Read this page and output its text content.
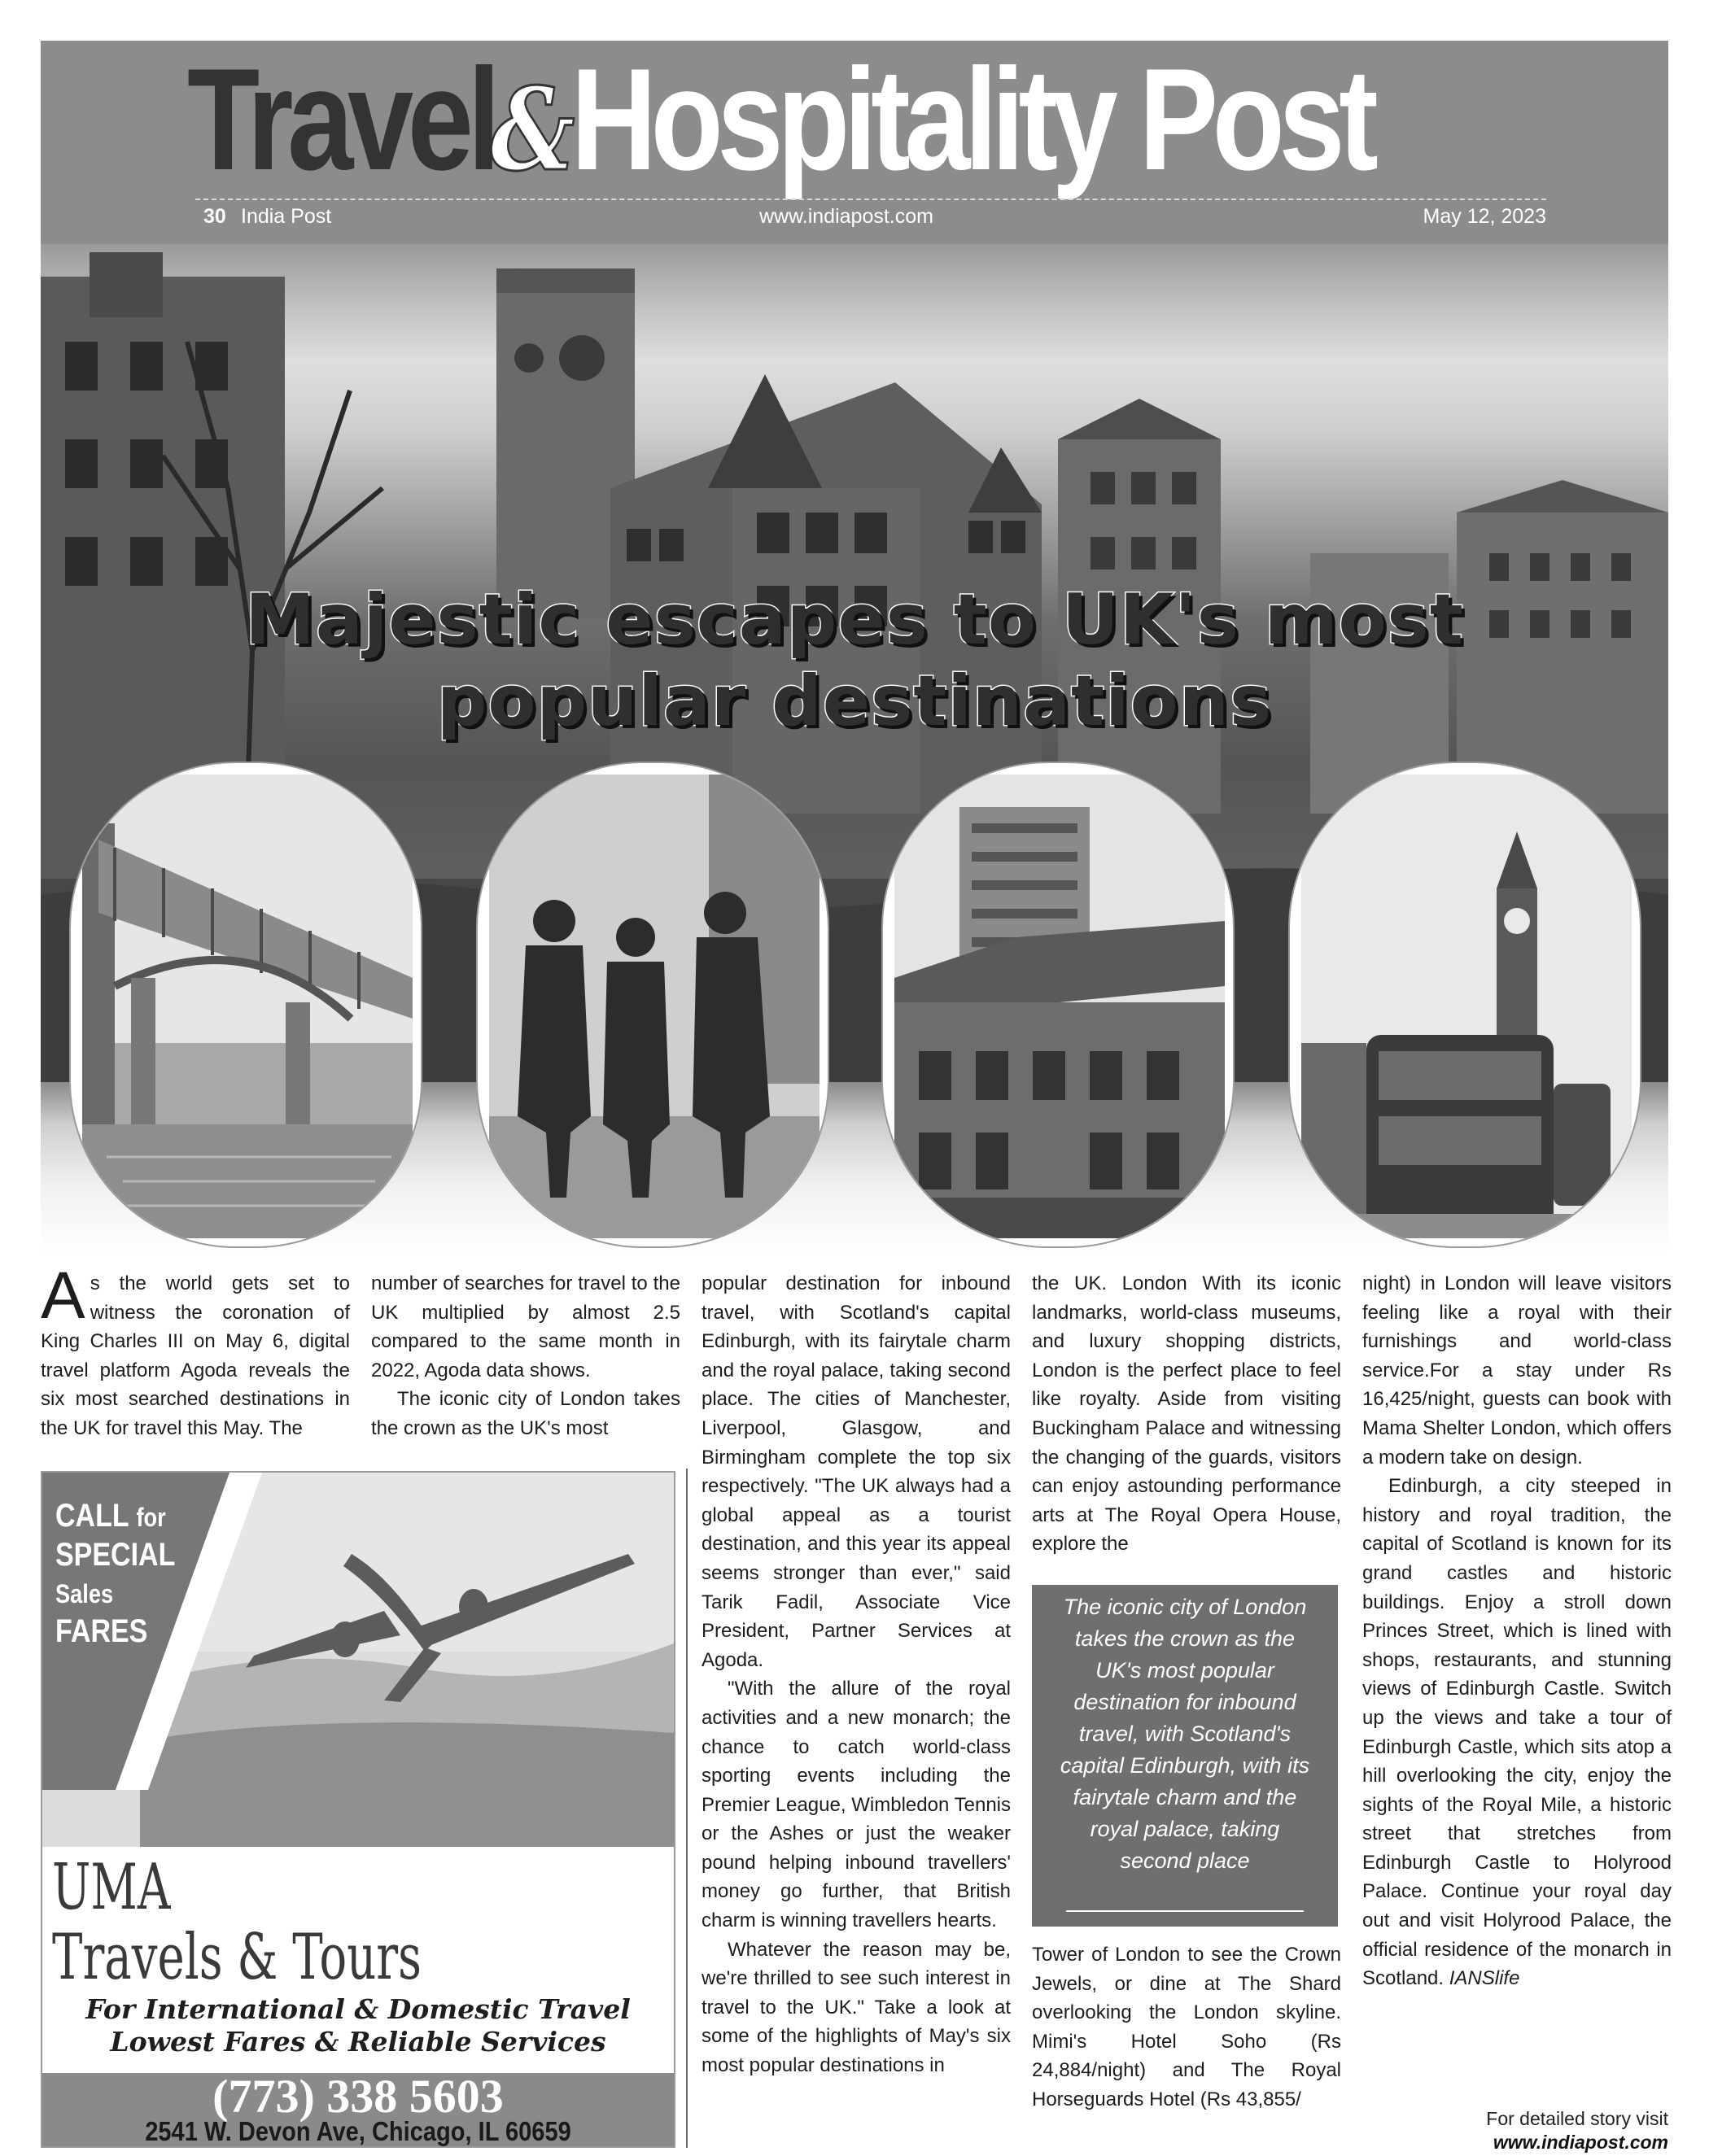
Travel&Hospitality Post
30 India Post	www.indiapost.com	May 12, 2023
Majestic escapes to UK's most
popular destinations

As the world gets set to witness the coronation of King Charles III on May 6, digital travel platform Agoda reveals the six most searched destinations in the UK for travel this May. The

number of searches for travel to the UK multiplied by almost 2.5 compared to the same month in 2022, Agoda data shows.

The iconic city of London takes the crown as the UK's most

popular destination for inbound travel, with Scotland's capital Edinburgh, with its fairytale charm and the royal palace, taking second place. The cities of Manchester, Liverpool, Glasgow, and Birmingham complete the top six respectively. "The UK always had a global appeal as a tourist destination, and this year its appeal seems stronger than ever," said Tarik Fadil, Associate Vice President, Partner Services at Agoda.

"With the allure of the royal activities and a new monarch; the chance to catch world-class sporting events including the Premier League, Wimbledon Tennis or the Ashes or just the weaker pound helping inbound travellers' money go further, that British charm is winning travellers hearts.

Whatever the reason may be, we're thrilled to see such interest in travel to the UK." Take a look at some of the highlights of May's six most popular destinations in

the UK. London With its iconic landmarks, world-class museums, and luxury shopping districts, London is the perfect place to feel like royalty. Aside from visiting Buckingham Palace and witnessing the changing of the guards, visitors can enjoy astounding performance arts at The Royal Opera House, explore the

The iconic city of London takes the crown as the UK's most popular destination for inbound travel, with Scotland's capital Edinburgh, with its fairytale charm and the royal palace, taking second place

Tower of London to see the Crown Jewels, or dine at The Shard overlooking the London skyline. Mimi's Hotel Soho (Rs 24,884/night) and The Royal Horseguards Hotel (Rs 43,855/

night) in London will leave visitors feeling like a royal with their furnishings and world-class service.For a stay under Rs 16,425/night, guests can book with Mama Shelter London, which offers a modern take on design.

Edinburgh, a city steeped in history and royal tradition, the capital of Scotland is known for its grand castles and historic buildings. Enjoy a stroll down Princes Street, which is lined with shops, restaurants, and stunning views of Edinburgh Castle. Switch up the views and take a tour of Edinburgh Castle, which sits atop a hill overlooking the city, enjoy the sights of the Royal Mile, a historic street that stretches from Edinburgh Castle to Holyrood Palace. Continue your royal day out and visit Holyrood Palace, the official residence of the monarch in Scotland. IANSlife

For detailed story visit
www.indiapost.com
CALL for
SPECIAL
Sales
FARES
UMA
Travels & Tours
For International & Domestic Travel
Lowest Fares & Reliable Services
(773) 338 5603
2541 W. Devon Ave, Chicago, IL 60659
